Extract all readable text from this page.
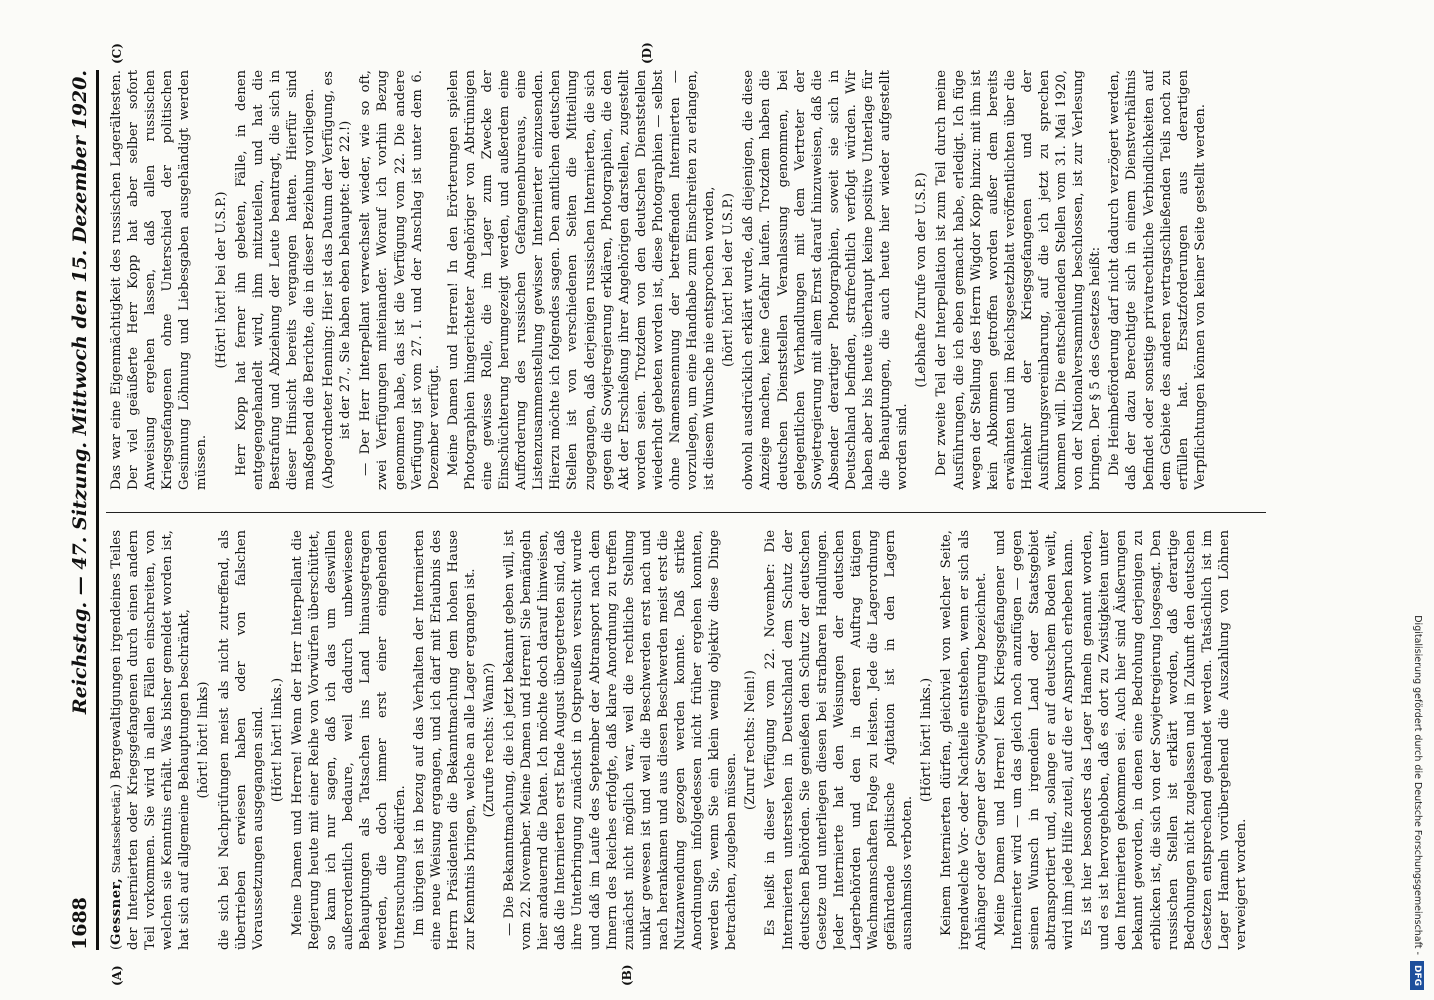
1688
Reichstag. — 47. Sitzung. Mittwoch den 15. Dezember 1920.
(A)	(B)
(C)	(D)

(Gessner, Staatssekretär.) Bergewaltigungen irgendeines Teiles der Internierten oder Kriegsgefangenen durch einen andern Teil vorkommen. Sie wird in allen Fällen einschreiten, von welchen sie Kenntnis erhält. Was bisher gemeldet worden ist, hat sich auf allgemeine Behauptungen beschränkt, (hört! hört! links) die sich bei Nachprüfungen meist als nicht zutreffend, als übertrieben erwiesen haben oder von falschen Voraussetzungen ausgegangen sind. (Hört! hört! links.) Meine Damen und Herren! Wenn der Herr Interpellant die Regierung heute mit einer Reihe von Vorwürfen überschüttet, so kann ich nur sagen, daß ich das um deswillen außerordentlich bedaure, weil dadurch unbewiesene Behauptungen als Tatsachen ins Land hinausgetragen werden, die doch immer erst einer eingehenden Untersuchung bedürfen. Im übrigen ist in bezug auf das Verhalten der Internierten eine neue Weisung ergangen, und ich darf mit Erlaubnis des Herrn Präsidenten die Bekanntmachung dem hohen Hause zur Kenntnis bringen, welche an alle Lager ergangen ist. (Zurufe rechts: Wann?) — Die Bekanntmachung, die ich jetzt bekannt geben will, ist vom 22. November. Meine Damen und Herren! Sie bemängeln hier andauernd die Daten. Ich möchte doch darauf hinweisen, daß die Internierten erst Ende August übergetreten sind, daß ihre Unterbringung zunächst in Ostpreußen versucht wurde und daß im Laufe des September der Abtransport nach dem Innern des Reiches erfolgte, daß klare Anordnung zu treffen zunächst nicht möglich war, weil die rechtliche Stellung unklar gewesen ist und weil die Beschwerden erst nach und nach herankamen und aus diesen Beschwerden meist erst die Nutzanwendung gezogen werden konnte. Daß strikte Anordnungen infolgedessen nicht früher ergehen konnten, werden Sie, wenn Sie ein klein wenig objektiv diese Dinge betrachten, zugeben müssen.

(Zuruf rechts: Nein!) Es heißt in dieser Verfügung vom 22. November: Die Internierten unterstehen in Deutschland dem Schutz der deutschen Behörden. Sie genießen den Schutz der deutschen Gesetze und unterliegen diesen bei strafbaren Handlungen. Jeder Internierte hat den Weisungen der deutschen Lagerbehörden und den in deren Auftrag tätigen Wachmannschaften Folge zu leisten. Jede die Lagerordnung gefährdende politische Agitation ist in den Lagern ausnahmslos verboten.

(Hört! hört! links.) Keinem Internierten dürfen, gleichviel von welcher Seite, irgendwelche Vor- oder Nachteile entstehen, wenn er sich als Anhänger oder Gegner der Sowjetregierung bezeichnet. Meine Damen und Herren! Kein Kriegsgefangener und Internierter wird — um das gleich noch anzufügen — gegen seinen Wunsch in irgendein Land oder Staatsgebiet abtransportiert und, solange er auf deutschem Boden weilt, wird ihm jede Hilfe zuteil, auf die er Anspruch erheben kann. Es ist hier besonders das Lager Hameln genannt worden, und es ist hervorgehoben, daß es dort zu Zwistigkeiten unter den Internierten gekommen sei. Auch hier sind Äußerungen bekannt geworden, in denen eine Bedrohung derjenigen zu erblicken ist, die sich von der Sowjetregierung losgesagt. Den russischen Stellen ist erklärt worden, daß derartige Bedrohungen nicht zugelassen und in Zukunft den deutschen Gesetzen entsprechend geahndet werden. Tatsächlich ist im Lager Hameln vorübergehend die Auszahlung von Löhnen verweigert worden.

Das war eine Eigenmächtigkeit des russischen Lagerältesten. Der viel geäußerte Herr Kopp hat aber selber sofort Anweisung ergehen lassen, daß allen russischen Kriegsgefangenen ohne Unterschied der politischen Gesinnung Löhnung und Liebesgaben ausgehändigt werden müssen.

(Hört! hört! bei der U.S.P.) Herr Kopp hat ferner ihn gebeten, Fälle, in denen entgegengehandelt wird, ihm mitzuteilen, und hat die Bestrafung und Abziehung der Leute beantragt, die sich in dieser Hinsicht bereits vergangen hatten. Hierfür sind maßgebend die Berichte, die in dieser Beziehung vorliegen. (Abgeordneter Henning: Hier ist das Datum der Verfügung, es ist der 27., Sie haben eben behauptet: der 22.!) — Der Herr Interpellant verwechselt wieder, wie so oft, zwei Verfügungen miteinander. Worauf ich vorhin Bezug genommen habe, das ist die Verfügung vom 22. Die andere Verfügung ist vom 27. I. und der Anschlag ist unter dem 6. Dezember verfügt. Meine Damen und Herren! In den Erörterungen spielen Photographien hingerichteter Angehöriger von Abtrünnigen eine gewisse Rolle, die im Lager zum Zwecke der Einschüchterung herumgezeigt werden, und außerdem eine Aufforderung des russischen Gefangenenbureaus, eine Listenzusammenstellung gewisser Internierter einzusenden. Hierzu möchte ich folgendes sagen. Den amtlichen deutschen Stellen ist von verschiedenen Seiten die Mitteilung zugegangen, daß derjenigen russischen Internierten, die sich gegen die Sowjetregierung erklären, Photographien, die den Akt der Erschießung ihrer Angehörigen darstellen, zugestellt worden seien. Trotzdem von den deutschen Dienststellen wiederholt gebeten worden ist, diese Photographien — selbst ohne Namensnennung der betreffenden Internierten — vorzulegen, um eine Handhabe zum Einschreiten zu erlangen, ist diesem Wunsche nie entsprochen worden, (hört! hört! bei der U.S.P.) obwohl ausdrücklich erklärt wurde, daß diejenigen, die diese Anzeige machen, keine Gefahr laufen. Trotzdem haben die deutschen Dienststellen Veranlassung genommen, bei gelegentlichen Verhandlungen mit dem Vertreter der Sowjetregierung mit allem Ernst darauf hinzuweisen, daß die Absender derartiger Photographien, soweit sie sich in Deutschland befinden, strafrechtlich verfolgt würden. Wir haben aber bis heute überhaupt keine positive Unterlage für die Behauptungen, die auch heute hier wieder aufgestellt worden sind.

(Lebhafte Zurufe von der U.S.P.) Der zweite Teil der Interpellation ist zum Teil durch meine Ausführungen, die ich eben gemacht habe, erledigt. Ich füge wegen der Stellung des Herrn Wigdor Kopp hinzu: mit ihm ist kein Abkommen getroffen worden außer dem bereits erwähnten und im Reichsgesetzblatt veröffentlichten über die Heimkehr der Kriegsgefangenen und der Ausführungsvereinbarung, auf die ich jetzt zu sprechen kommen will. Die entscheidenden Stellen vom 31. Mai 1920, von der Nationalversammlung beschlossen, ist zur Verlesung bringen. Der § 5 des Gesetzes heißt: Die Heimbeförderung darf nicht dadurch verzögert werden, daß der dazu Berechtigte sich in einem Dienstverhältnis befindet oder sonstige privatrechtliche Verbindlichkeiten auf dem Gebiete des anderen vertragschließenden Teils noch zu erfüllen hat. Ersatzforderungen aus derartigen Verpflichtungen können von keiner Seite gestellt werden.

Digitalisierung gefördert durch die Deutsche Forschungsgemeinschaft -DFG
